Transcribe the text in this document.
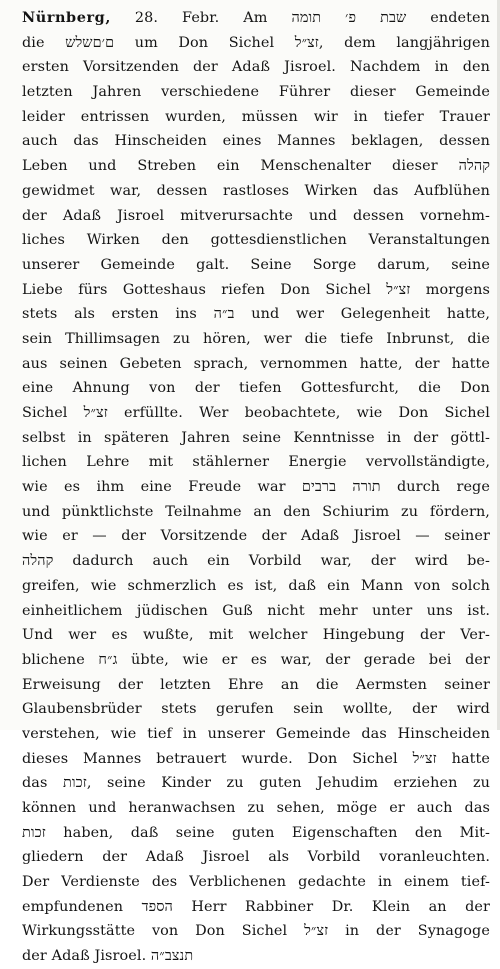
Nürnberg, 28. Febr. Am שבת פ׳ תומה endeten
die ם׳םשלש um Don Sichel זצ״ל, dem langjährigen
ersten Vorsitzenden der Adaß Jisroel. Nachdem in den
letzten Jahren verschiedene Führer dieser Gemeinde
leider entrissen wurden, müssen wir in tiefer Trauer
auch das Hinscheiden eines Mannes beklagen, dessen
Leben und Streben ein Menschenalter dieser קהלה
gewidmet war, dessen rastloses Wirken das Aufblühen
der Adaß Jisroel mitverursachte und dessen vornehm-
liches Wirken den gottesdienstlichen Veranstaltungen
unserer Gemeinde galt. Seine Sorge darum, seine
Liebe fürs Gotteshaus riefen Don Sichel זצ״ל morgens
stets als ersten ins ב״ה und wer Gelegenheit hatte,
sein Thillimsagen zu hören, wer die tiefe Inbrunst, die
aus seinen Gebeten sprach, vernommen hatte, der hatte
eine Ahnung von der tiefen Gottesfurcht, die Don
Sichel זצ״ל erfüllte. Wer beobachtete, wie Don Sichel
selbst in späteren Jahren seine Kenntnisse in der göttl-
lichen Lehre mit stählerner Energie vervollständigte,
wie es ihm eine Freude war תורה ברבים durch rege
und pünktlichste Teilnahme an den Schiurim zu fördern,
wie er — der Vorsitzende der Adaß Jisroel — seiner
קהלה dadurch auch ein Vorbild war, der wird be-
greifen, wie schmerzlich es ist, daß ein Mann von solch
einheitlichem jüdischen Guß nicht mehr unter uns ist.
Und wer es wußte, mit welcher Hingebung der Ver-
blichene ג״ח übte, wie er es war, der gerade bei der
Erweisung der letzten Ehre an die Aermsten seiner
Glaubensbrüder stets gerufen sein wollte, der wird
verstehen, wie tief in unserer Gemeinde das Hinscheiden
dieses Mannes betrauert wurde. Don Sichel זצ״ל hatte
das זכות, seine Kinder zu guten Jehudim erziehen zu
können und heranwachsen zu sehen, möge er auch das
זכות haben, daß seine guten Eigenschaften den Mit-
gliedern der Adaß Jisroel als Vorbild voranleuchten.
Der Verdienste des Verblichenen gedachte in einem tief-
empfundenen הספד Herr Rabbiner Dr. Klein an der
Wirkungsstätte von Don Sichel זצ״ל in der Synagoge
der Adaß Jisroel. תנצב״ה
